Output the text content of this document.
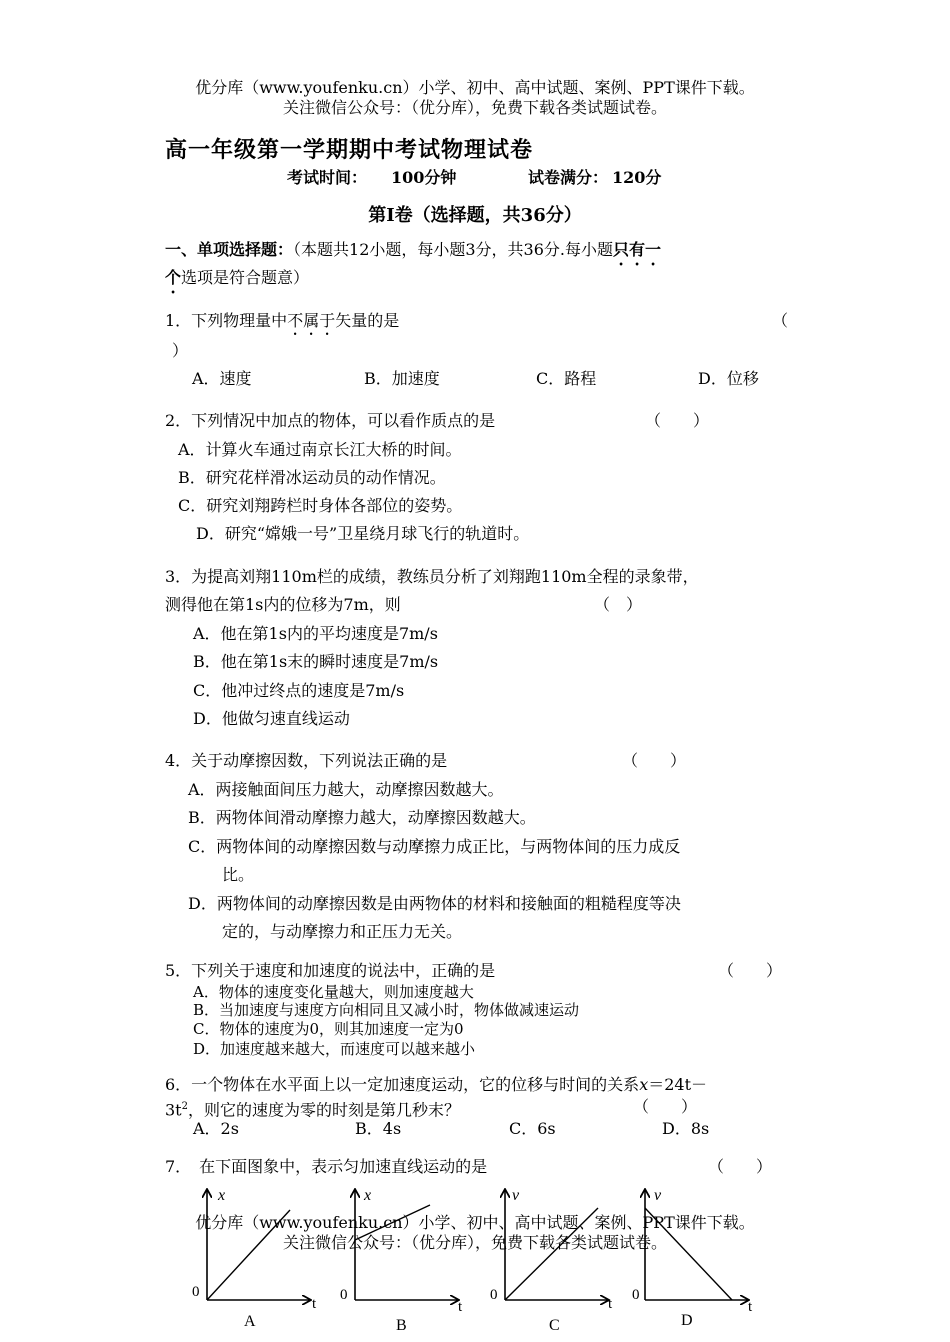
优分库（www.youfenku.cn）小学、初中、高中试题、案例、PPT课件下载。
关注微信公众号：（优分库），免费下载各类试题试卷。
高一年级第一学期期中考试物理试卷
考试时间： 100分钟	试卷满分： 120分
第Ⅰ卷（选择题，共36分）
一、单项选择题：（本题共12小题，每小题3分，共36分.每小题只有一
个选项是符合题意）
1．下列物理量中不属于矢量的是	（
）
A．速度	B．加速度	C．路程	D．位移
2．下列情况中加点的物体，可以看作质点的是	（　　）
A．计算火车通过南京长江大桥的时间。
B．研究花样滑冰运动员的动作情况。
C．研究刘翔跨栏时身体各部位的姿势。
D．研究“嫦娥一号”卫星绕月球飞行的轨道时。
3．为提高刘翔110m栏的成绩，教练员分析了刘翔跑110m全程的录象带，
测得他在第1s内的位移为7m，则	（　）
A．他在第1s内的平均速度是7m/s
B．他在第1s末的瞬时速度是7m/s
C．他冲过终点的速度是7m/s
D．他做匀速直线运动
4．关于动摩擦因数，下列说法正确的是	（　　）
A．两接触面间压力越大，动摩擦因数越大。
B．两物体间滑动摩擦力越大，动摩擦因数越大。
C．两物体间的动摩擦因数与动摩擦力成正比，与两物体间的压力成反
比。
D．两物体间的动摩擦因数是由两物体的材料和接触面的粗糙程度等决
定的，与动摩擦力和正压力无关。
5．下列关于速度和加速度的说法中，正确的是	（　　）
A．物体的速度变化量越大，则加速度越大
B．当加速度与速度方向相同且又减小时，物体做减速运动
C．物体的速度为0，则其加速度一定为0
D．加速度越来越大，而速度可以越来越小
6．一个物体在水平面上以一定加速度运动，它的位移与时间的关系x＝24t－
$3t^2$，则它的速度为零的时刻是第几秒末？	（　　）
A．2s	B．4s	C．6s	D．8s
7．　在下面图象中，表示匀加速直线运动的是	（　　）
x
t
0
A
x
t
0
B
v
t
0
C
v
t
0
D
优分库（www.youfenku.cn）小学、初中、高中试题、案例、PPT课件下载。
关注微信公众号：（优分库），免费下载各类试题试卷。
